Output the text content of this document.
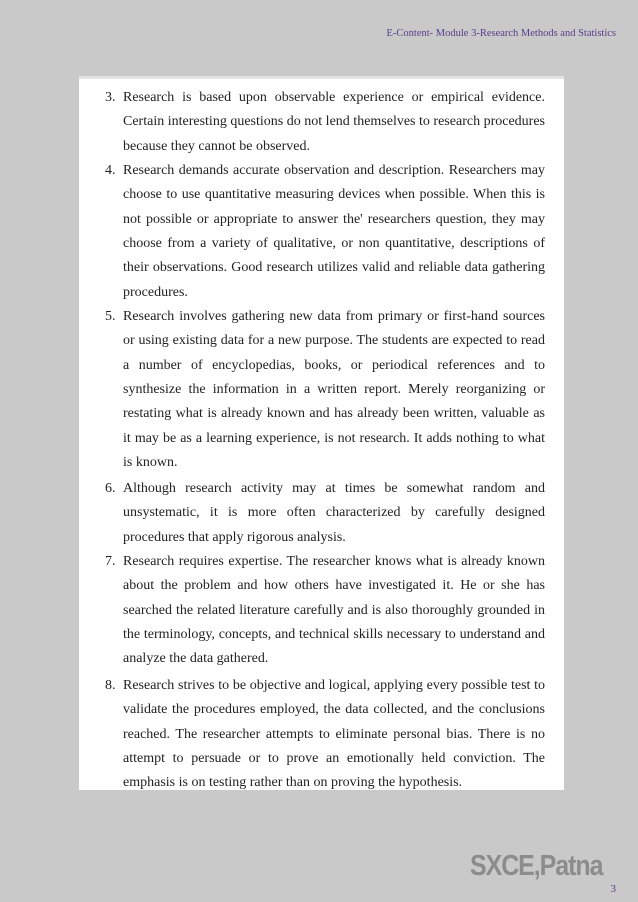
E-Content- Module 3-Research Methods and Statistics
3. Research is based upon observable experience or empirical evidence. Certain interesting questions do not lend themselves to research procedures because they cannot be observed.

4. Research demands accurate observation and description. Researchers may choose to use quantitative measuring devices when possible. When this is not possible or appropriate to answer the' researchers question, they may choose from a variety of qualitative, or non quantitative, descriptions of their observations. Good research utilizes valid and reliable data gathering procedures.

5. Research involves gathering new data from primary or first-hand sources or using existing data for a new purpose. The students are expected to read a number of encyclopedias, books, or periodical references and to synthesize the information in a written report. Merely reorganizing or restating what is already known and has already been written, valuable as it may be as a learning experience, is not research. It adds nothing to what is known.

6. Although research activity may at times be somewhat random and unsystematic, it is more often characterized by carefully designed procedures that apply rigorous analysis.

7. Research requires expertise. The researcher knows what is already known about the problem and how others have investigated it. He or she has searched the related literature carefully and is also thoroughly grounded in the terminology, concepts, and technical skills necessary to understand and analyze the data gathered.

8. Research strives to be objective and logical, applying every possible test to validate the procedures employed, the data collected, and the conclusions reached. The researcher attempts to eliminate personal bias. There is no attempt to persuade or to prove an emotionally held conviction. The emphasis is on testing rather than on proving the hypothesis.

SXCE,Patna
3
